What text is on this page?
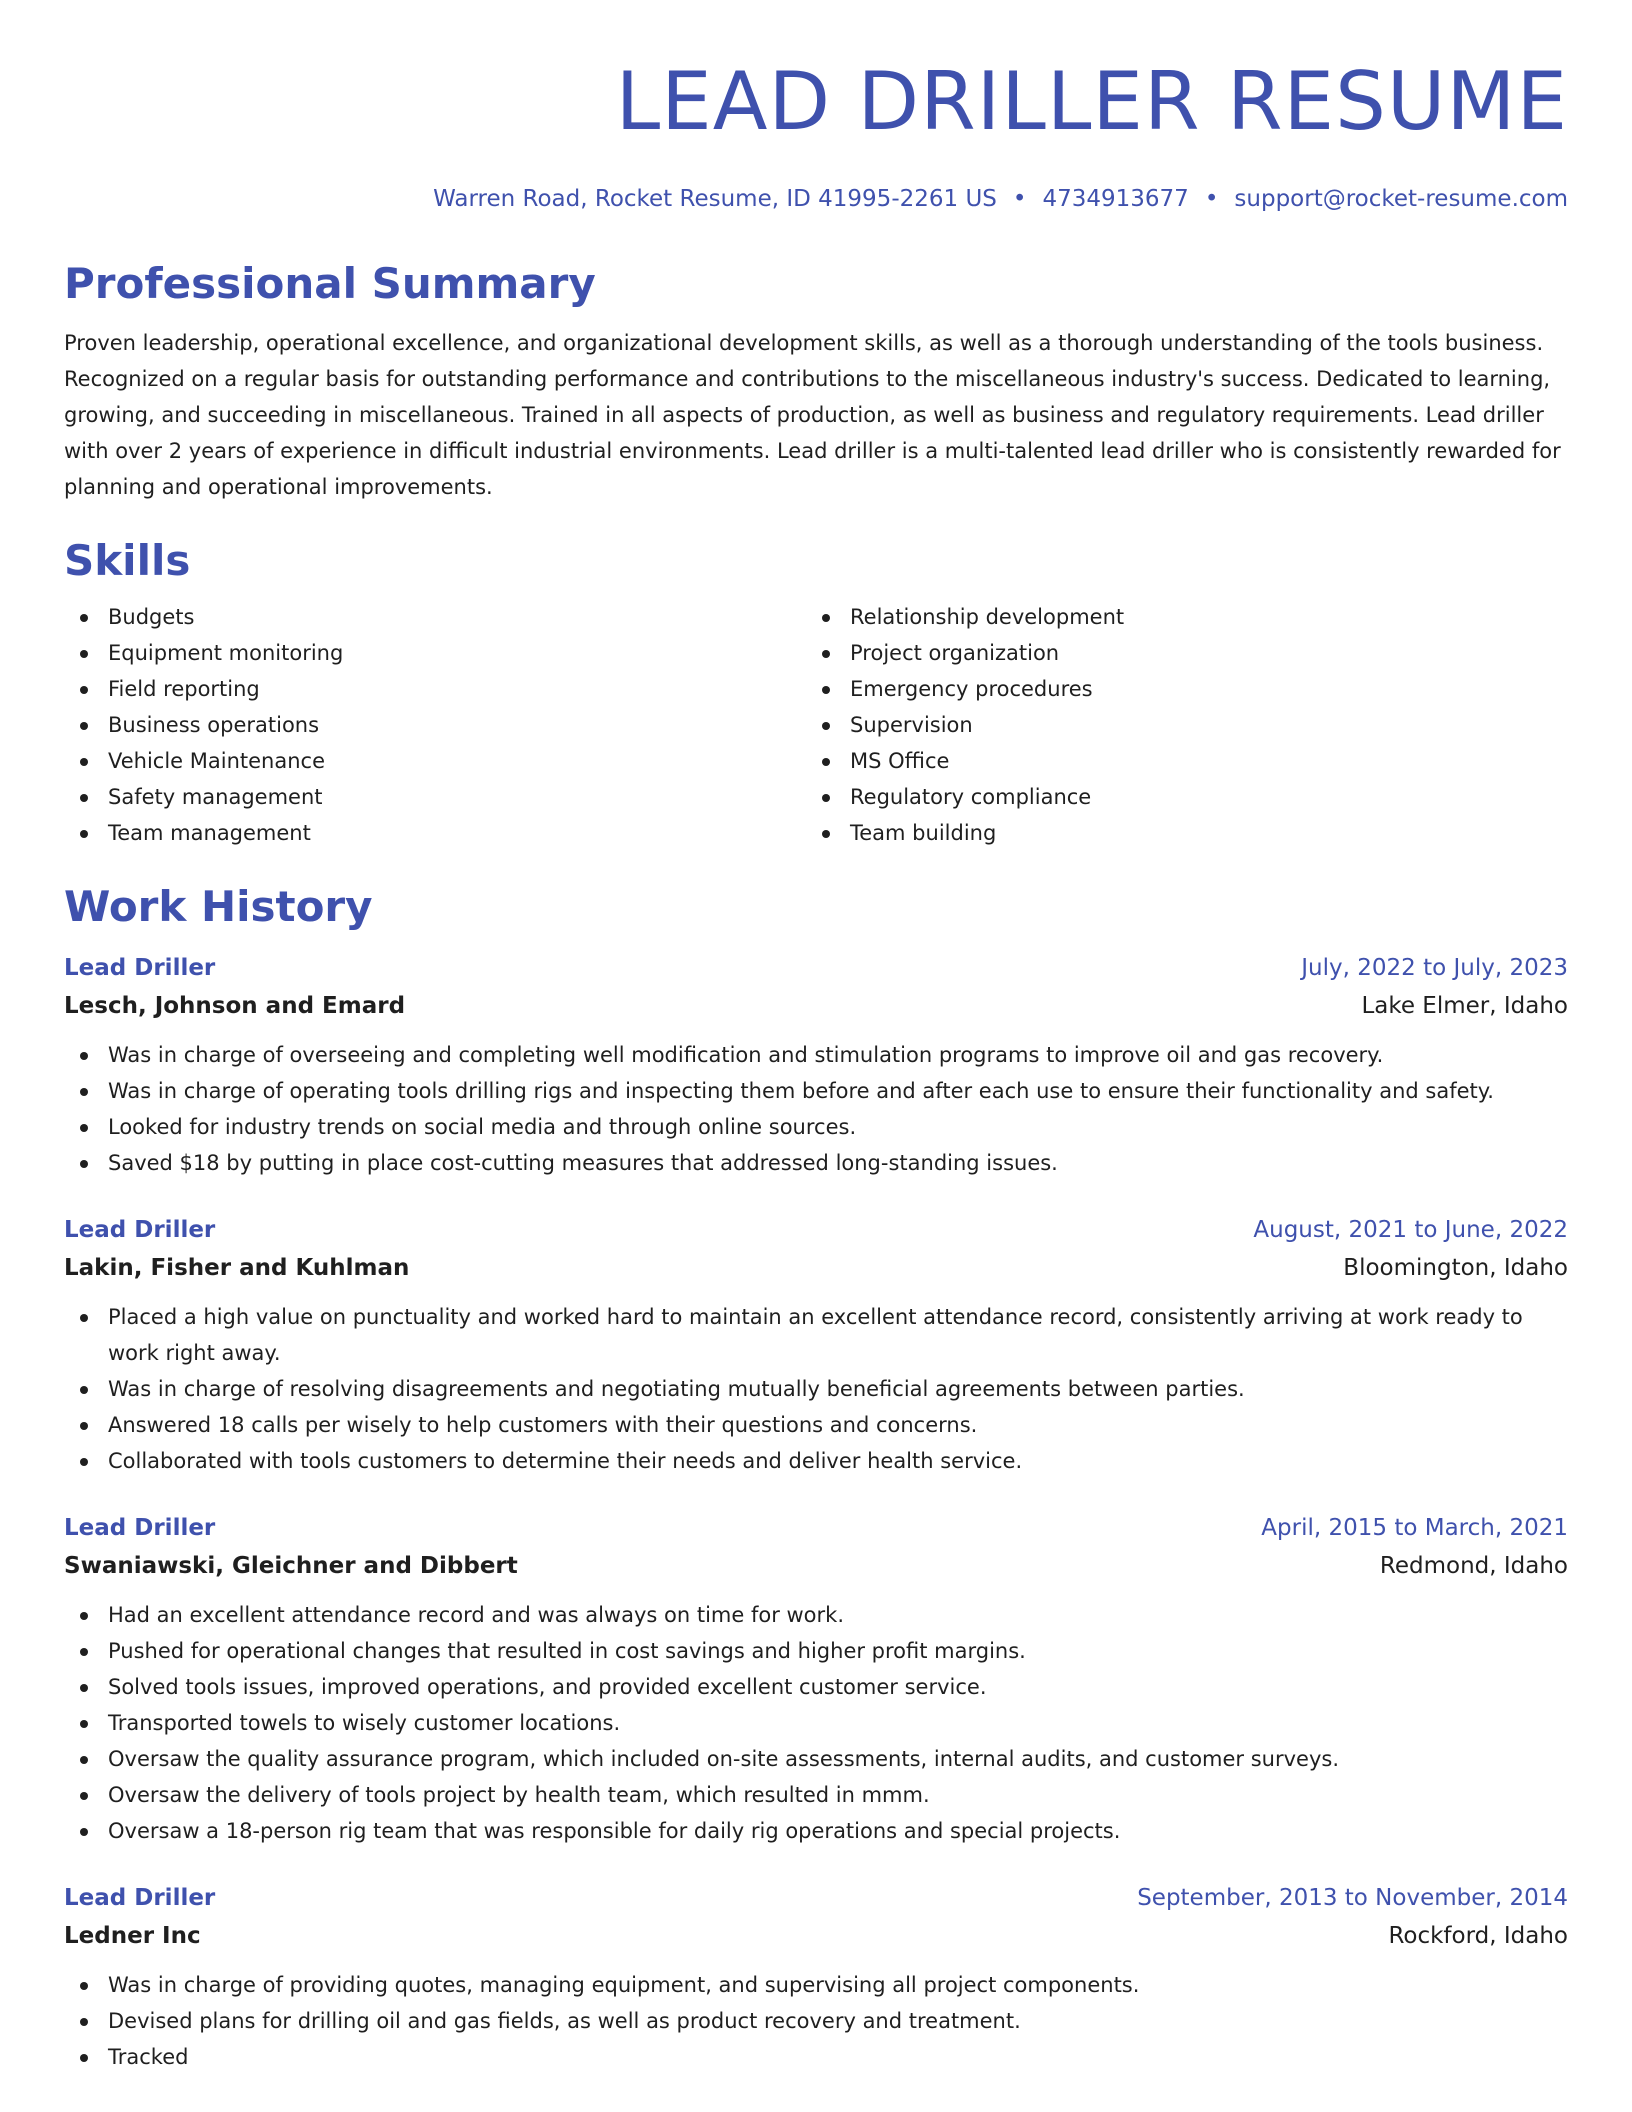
LEAD DRILLER RESUME
Warren Road, Rocket Resume, ID 41995-2261 US • 4734913677 • support@rocket-resume.com
Professional Summary
Proven leadership, operational excellence, and organizational development skills, as well as a thorough understanding of the tools business. Recognized on a regular basis for outstanding performance and contributions to the miscellaneous industry's success. Dedicated to learning, growing, and succeeding in miscellaneous. Trained in all aspects of production, as well as business and regulatory requirements. Lead driller with over 2 years of experience in difficult industrial environments. Lead driller is a multi-talented lead driller who is consistently rewarded for planning and operational improvements.
Skills
Budgets
Equipment monitoring
Field reporting
Business operations
Vehicle Maintenance
Safety management
Team management
Relationship development
Project organization
Emergency procedures
Supervision
MS Office
Regulatory compliance
Team building
Work History
Lead Driller	July, 2022 to July, 2023
Lesch, Johnson and Emard	Lake Elmer, Idaho
Was in charge of overseeing and completing well modification and stimulation programs to improve oil and gas recovery.
Was in charge of operating tools drilling rigs and inspecting them before and after each use to ensure their functionality and safety.
Looked for industry trends on social media and through online sources.
Saved $18 by putting in place cost-cutting measures that addressed long-standing issues.
Lead Driller	August, 2021 to June, 2022
Lakin, Fisher and Kuhlman	Bloomington, Idaho
Placed a high value on punctuality and worked hard to maintain an excellent attendance record, consistently arriving at work ready to work right away.
Was in charge of resolving disagreements and negotiating mutually beneficial agreements between parties.
Answered 18 calls per wisely to help customers with their questions and concerns.
Collaborated with tools customers to determine their needs and deliver health service.
Lead Driller	April, 2015 to March, 2021
Swaniawski, Gleichner and Dibbert	Redmond, Idaho
Had an excellent attendance record and was always on time for work.
Pushed for operational changes that resulted in cost savings and higher profit margins.
Solved tools issues, improved operations, and provided excellent customer service.
Transported towels to wisely customer locations.
Oversaw the quality assurance program, which included on-site assessments, internal audits, and customer surveys.
Oversaw the delivery of tools project by health team, which resulted in mmm.
Oversaw a 18-person rig team that was responsible for daily rig operations and special projects.
Lead Driller	September, 2013 to November, 2014
Ledner Inc	Rockford, Idaho
Was in charge of providing quotes, managing equipment, and supervising all project components.
Devised plans for drilling oil and gas fields, as well as product recovery and treatment.
Tracked
